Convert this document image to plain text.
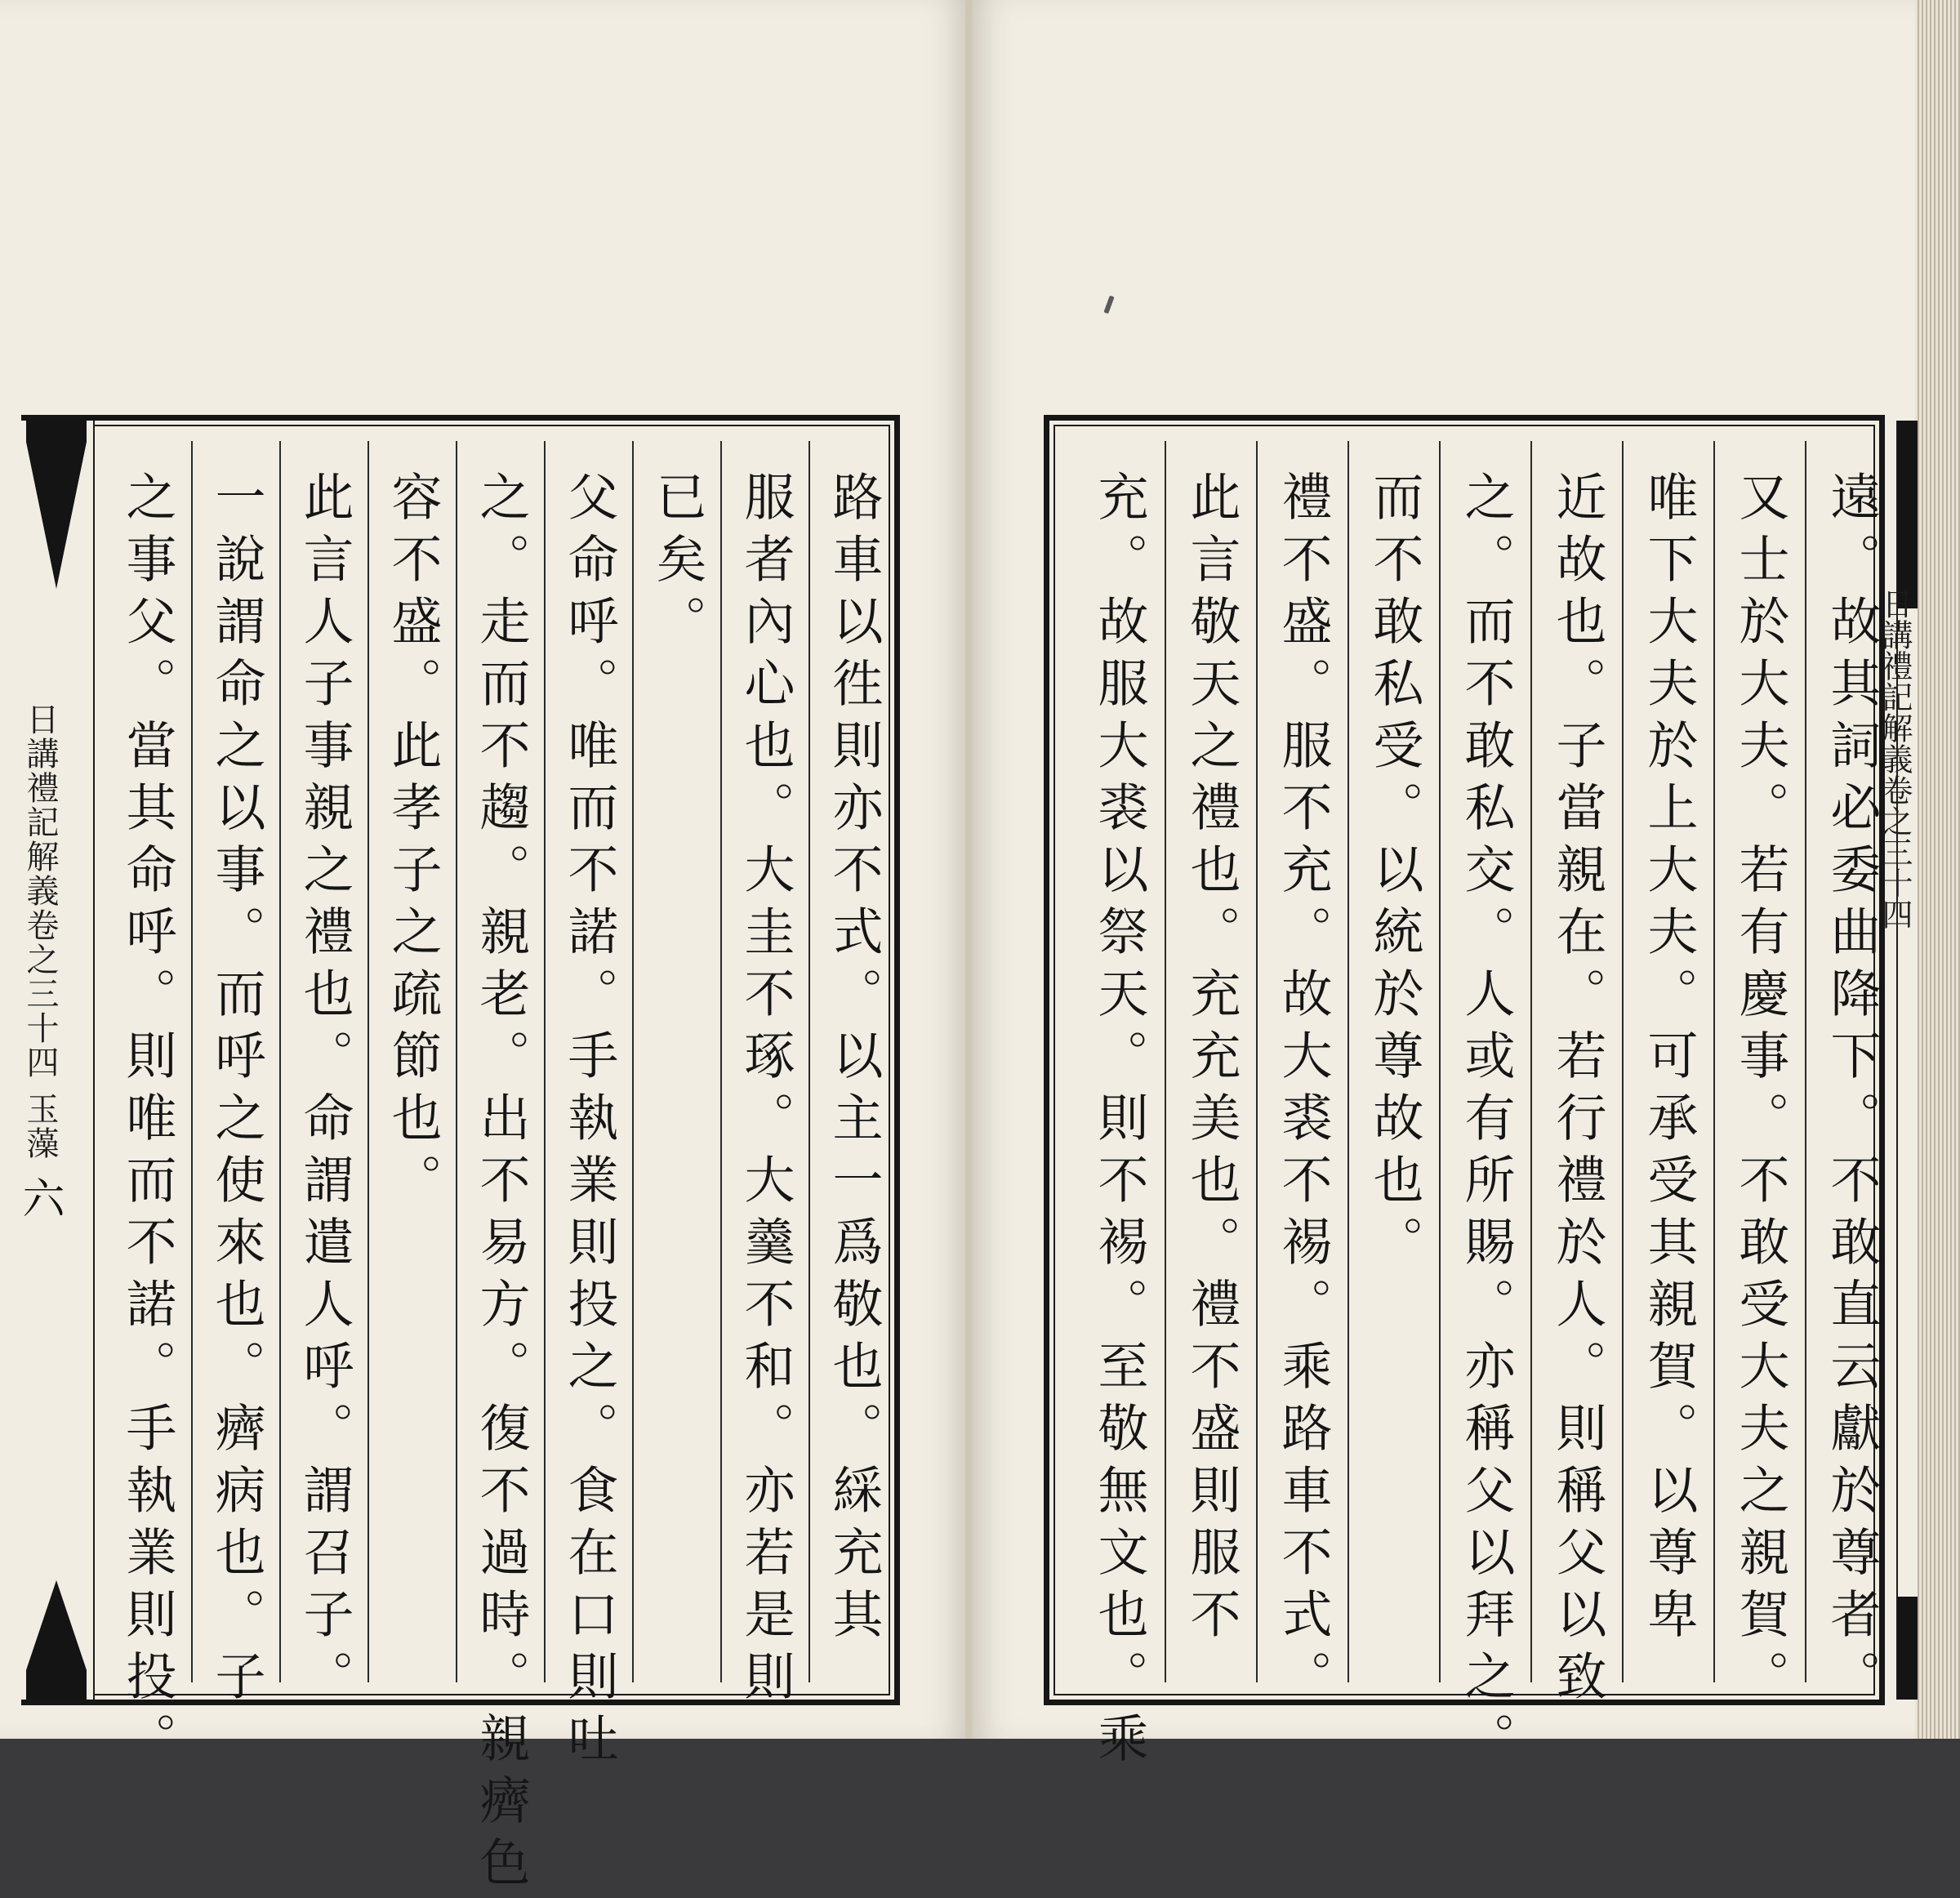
日講禮記解義卷之三十四 玉藻
六	路車以徃則亦不式。以主一爲敬也。綵充其
服者內心也。大圭不琢。大羹不和。亦若是則
已矣。
父命呼。唯而不諾。手執業則投之。食在口則吐
之。走而不趨。親老。出不易方。復不過時。親癠色
容不盛。此孝子之疏節也。
此言人子事親之禮也。命謂遣人呼。謂召子。
一說謂命之以事。而呼之使來也。癠病也。子
之事父。當其命呼。則唯而不諾。手執業則投。	遠。故其詞必委曲降下。不敢直云獻於尊者。
又士於大夫。若有慶事。不敢受大夫之親賀。
唯下大夫於上大夫。可承受其親賀。以尊卑
近故也。子當親在。若行禮於人。則稱父以致
之。而不敢私交。人或有所賜。亦稱父以拜之。
而不敢私受。以統於尊故也。
禮不盛。服不充。故大裘不裼。乘路車不式。
此言敬天之禮也。充充美也。禮不盛則服不
充。故服大裘以祭天。則不裼。至敬無文也。乘
